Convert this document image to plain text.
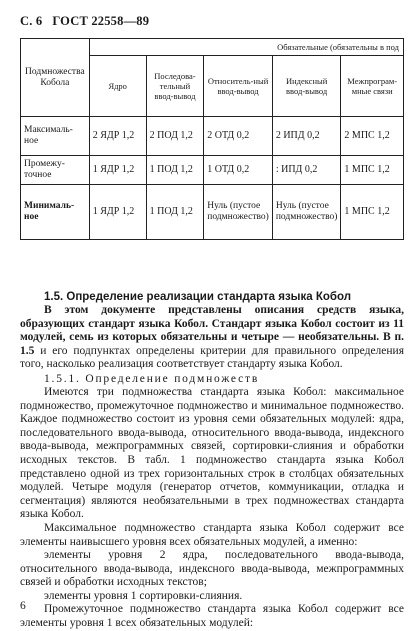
С. 6 ГОСТ 22558—89
Подмножества Кобола	Обязательные (обязательны в под				
	Ядро	Последова-тельный ввод-вывод	Относитель-ный ввод-вывод	Индексный ввод-вывод	Межпрограм-мные связи
Максималь-ное	2 ЯДР 1,2	2 ПОД 1,2	2 ОТД 0,2	2 ИПД 0,2	2 МПС 1,2
Промежу-точное	1 ЯДР 1,2	1 ПОД 1,2	1 ОТД 0,2	: ИПД 0,2	1 МПС 1,2
Минималь-ное	1 ЯДР 1,2	1 ПОД 1,2	Нуль (пустое подмножество)	Нуль (пустое подмножество)	1 МПС 1,2

1.5. Определение реализации стандарта языка Кобол

В этом документе представлены описания средств языка, образующих стандарт языка Кобол. Стандарт языка Кобол состоит из 11 модулей, семь из которых обязательны и четыре — необязательны. В п. 1.5 и его подпунктах определены критерии для правильного определения того, насколько реализация соответствует стандарту языка Кобол.

1.5.1. Определение подмножеств

Имеются три подмножества стандарта языка Кобол: максимальное подмножество, промежуточное подмножество и минимальное подмножество. Каждое подмножество состоит из уровня семи обязательных модулей: ядра, последовательного ввода-вывода, относительного ввода-вывода, индексного ввода-вывода, межпрограммных связей, сортировки-слияния и обработки исходных текстов. В табл. 1 подмножество стандарта языка Кобол представлено одной из трех горизонтальных строк в столбцах обязательных модулей. Четыре модуля (генератор отчетов, коммуникации, отладка и сегментация) являются необязательными в трех подмножествах стандарта языка Кобол.

Максимальное подмножество стандарта языка Кобол содержит все элементы наивысшего уровня всех обязательных модулей, а именно:

элементы уровня 2 ядра, последовательного ввода-вывода, относительного ввода-вывода, индексного ввода-вывода, межпрограммных связей и обработки исходных текстов;

элементы уровня 1 сортировки-слияния.

Промежуточное подмножество стандарта языка Кобол содержит все элементы уровня 1 всех обязательных модулей:

6
